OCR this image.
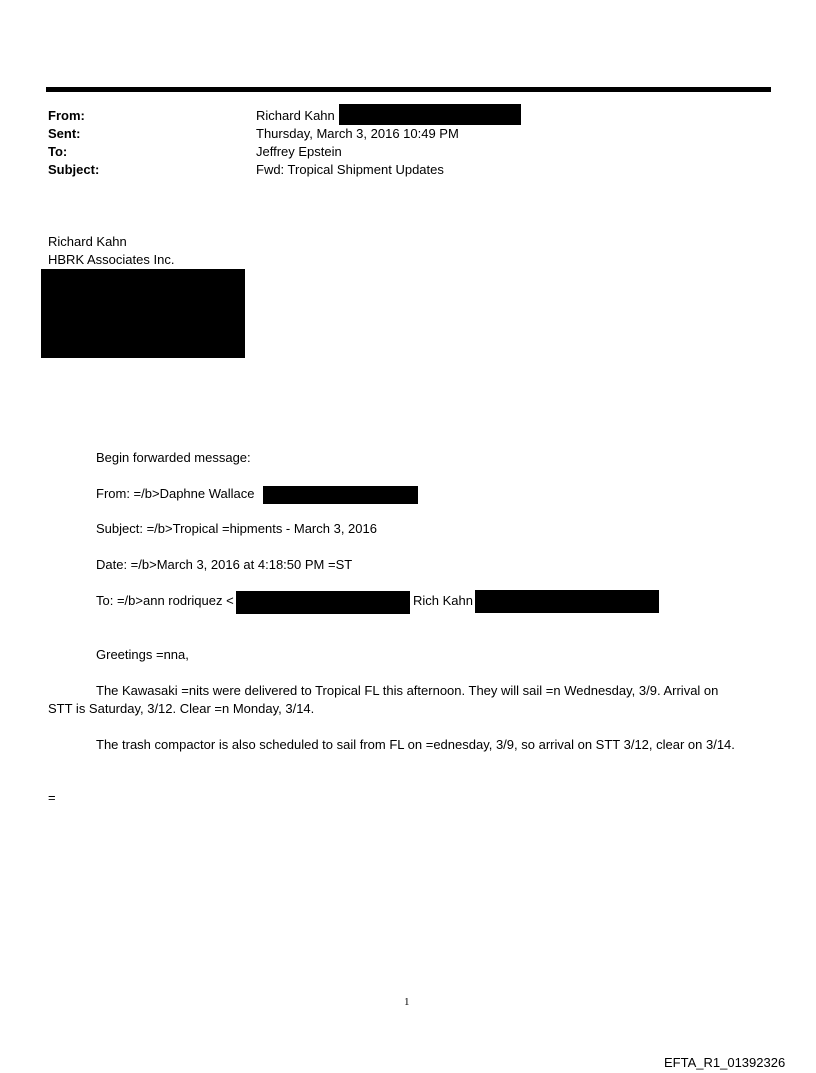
From:	Richard Kahn
Sent:	Thursday, March 3, 2016 10:49 PM
To:	Jeffrey Epstein
Subject:	Fwd: Tropical Shipment Updates
Richard Kahn
HBRK Associates Inc.
Begin forwarded message:
From: =/b>Daphne Wallace
Subject: =/b>Tropical =hipments - March 3, 2016
Date: =/b>March 3, 2016 at 4:18:50 PM =ST
To: =/b>ann rodriquez <	Rich Kahn
Greetings =nna,
The Kawasaki =nits were delivered to Tropical FL this afternoon. They will sail =n Wednesday, 3/9. Arrival on
STT is Saturday, 3/12. Clear =n Monday, 3/14.
The trash compactor is also scheduled to sail from FL on =ednesday, 3/9, so arrival on STT 3/12, clear on 3/14.
=
1
EFTA_R1_01392326
